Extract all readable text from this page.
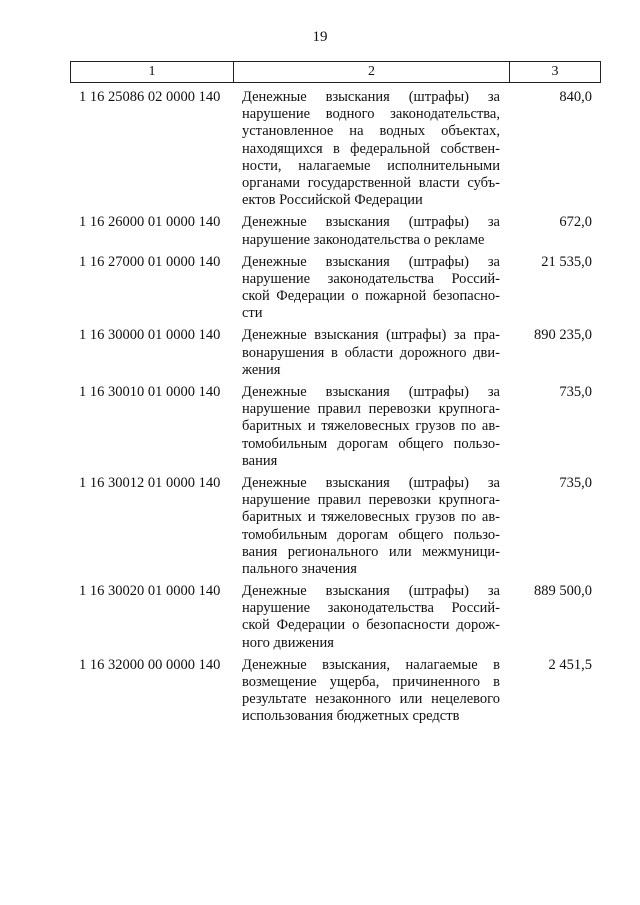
19
1	2	3
1 16 25086 02 0000 140	Денежные взыскания (штрафы) за
нарушение водного законодательства,
установленное на водных объектах,
находящихся в федеральной собствен-
ности, налагаемые исполнительными
органами государственной власти субъ-
ектов Российской Федерации
840,0
1 16 26000 01 0000 140	Денежные взыскания (штрафы) за
нарушение законодательства о рекламе
672,0
1 16 27000 01 0000 140	Денежные взыскания (штрафы) за
нарушение законодательства Россий-
ской Федерации о пожарной безопасно-
сти
21 535,0
1 16 30000 01 0000 140	Денежные взыскания (штрафы) за пра-
вонарушения в области дорожного дви-
жения
890 235,0
1 16 30010 01 0000 140	Денежные взыскания (штрафы) за
нарушение правил перевозки крупнога-
баритных и тяжеловесных грузов по ав-
томобильным дорогам общего пользо-
вания
735,0
1 16 30012 01 0000 140	Денежные взыскания (штрафы) за
нарушение правил перевозки крупнога-
баритных и тяжеловесных грузов по ав-
томобильным дорогам общего пользо-
вания регионального или межмуници-
пального значения
735,0
1 16 30020 01 0000 140	Денежные взыскания (штрафы) за
нарушение законодательства Россий-
ской Федерации о безопасности дорож-
ного движения
889 500,0
1 16 32000 00 0000 140	Денежные взыскания, налагаемые в
возмещение ущерба, причиненного в
результате незаконного или нецелевого
использования бюджетных средств
2 451,5
